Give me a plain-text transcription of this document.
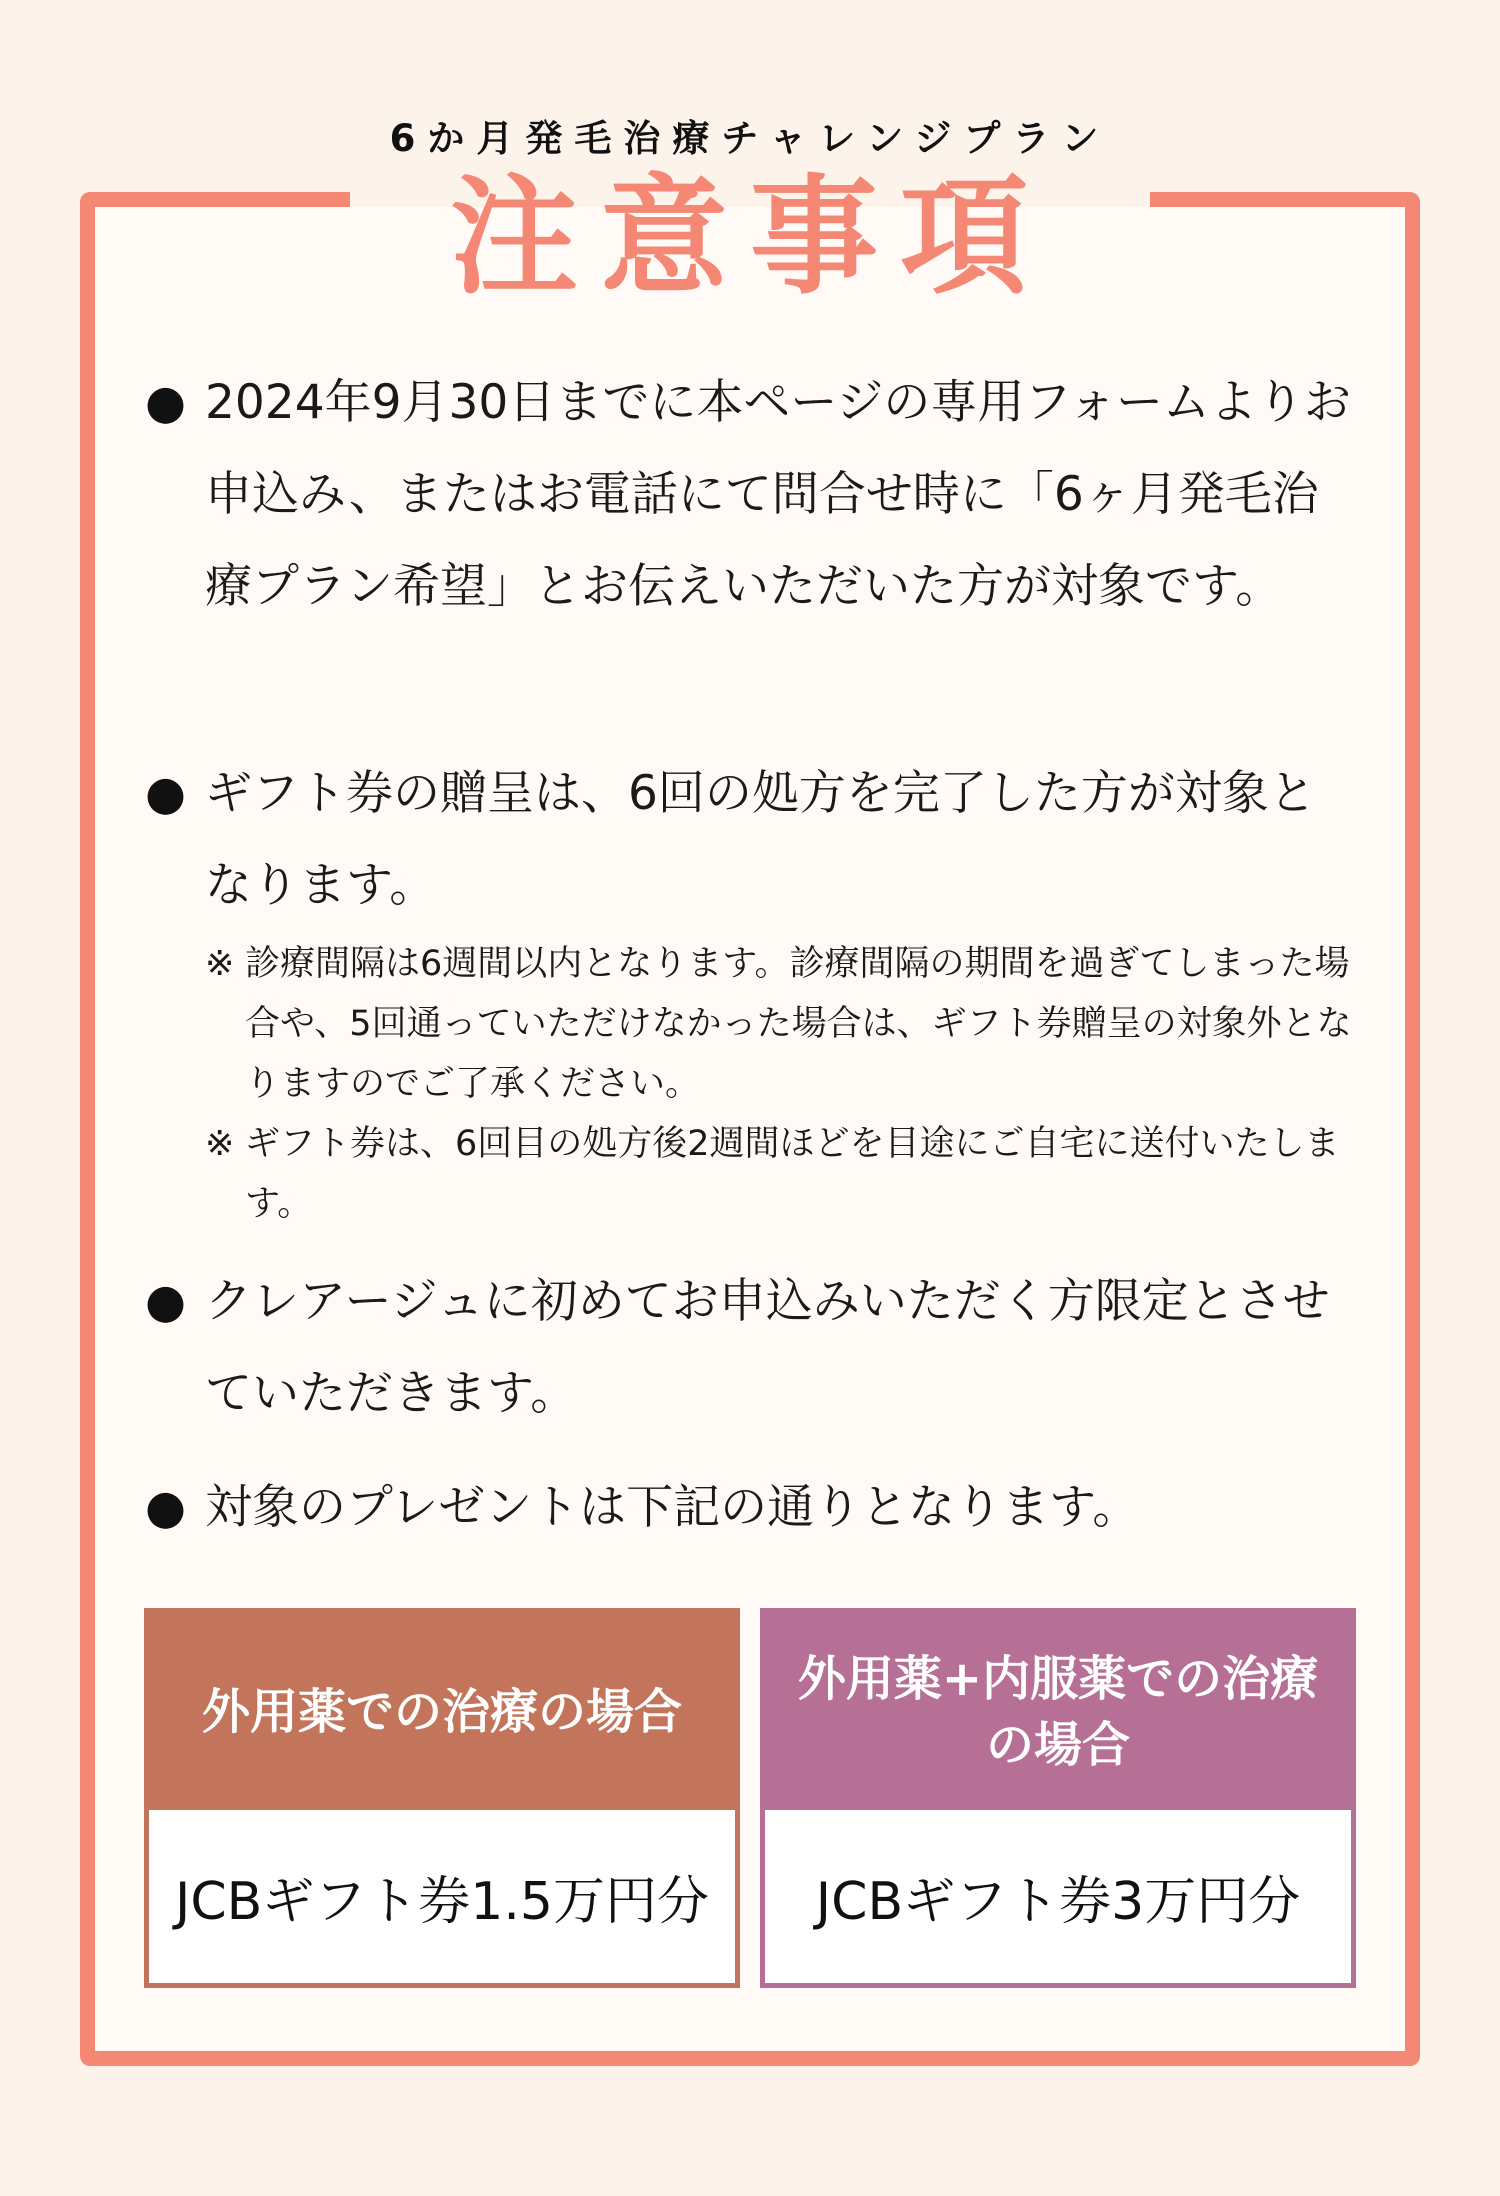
6か月発毛治療チャレンジプラン
注意事項
● 2024年9月30日までに本ページの専用フォームよりお申込み、またはお電話にて問合せ時に「6ヶ月発毛治療プラン希望」とお伝えいただいた方が対象です。
● ギフト券の贈呈は、6回の処方を完了した方が対象となります。
※ 診療間隔は6週間以内となります。診療間隔の期間を過ぎてしまった場合や、5回通っていただけなかった場合は、ギフト券贈呈の対象外となりますのでご了承ください。
※ ギフト券は、6回目の処方後2週間ほどを目途にご自宅に送付いたします。
● クレアージュに初めてお申込みいただく方限定とさせていただきます。
● 対象のプレゼントは下記の通りとなります。
外用薬での治療の場合
JCBギフト券1.5万円分
外用薬+内服薬での治療の場合
JCBギフト券3万円分
